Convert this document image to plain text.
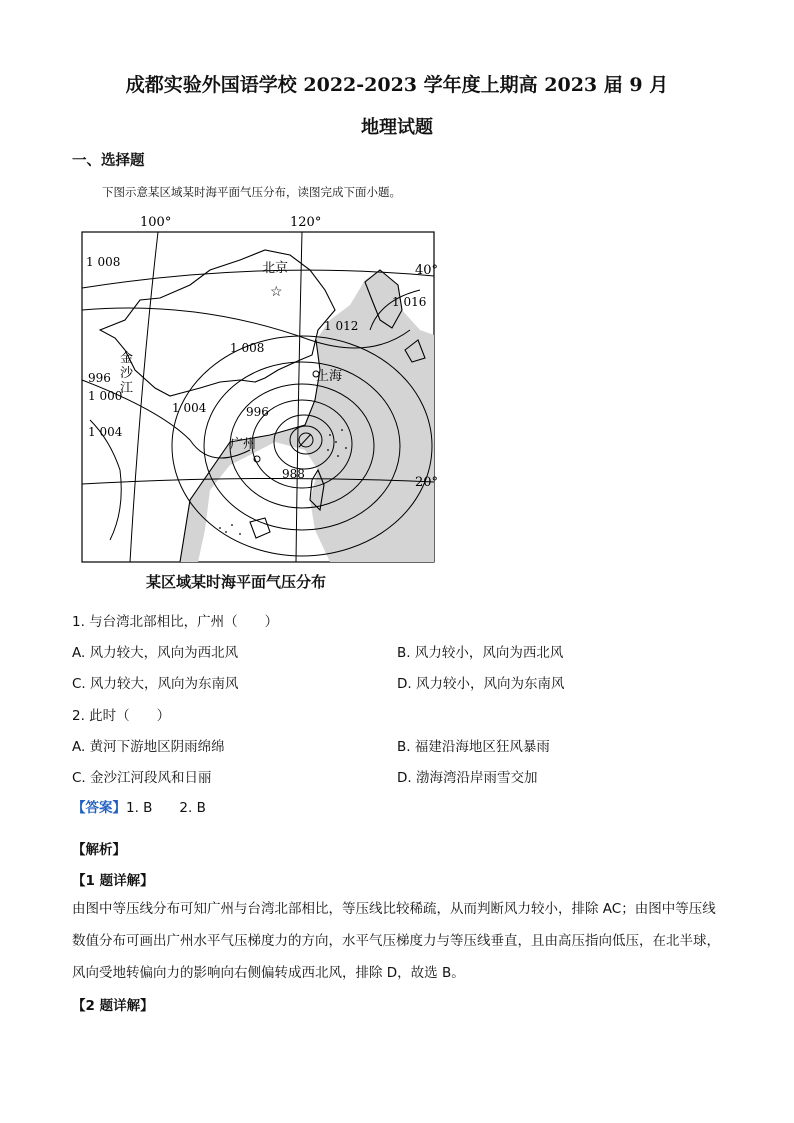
成都实验外国语学校 2022-2023 学年度上期高 2023 届 9 月
地理试题
一、选择题
下图示意某区域某时海平面气压分布，读图完成下面小题。
100°	120°
40°
20°
北京
上海
广州
金
沙
江
1 008
1 008
1 016
1 012
996
1 000
1 004
1 004	996
988
☆
某区域某时海平面气压分布
1. 与台湾北部相比，广州（　　）
A. 风力较大，风向为西北风	B. 风力较小，风向为西北风
C. 风力较大，风向为东南风	D. 风力较小，风向为东南风
2. 此时（　　）
A. 黄河下游地区阴雨绵绵	B. 福建沿海地区狂风暴雨
C. 金沙江河段风和日丽	D. 渤海湾沿岸雨雪交加
【答案】1. B　　2. B
【解析】
【1 题详解】
由图中等压线分布可知广州与台湾北部相比，等压线比较稀疏，从而判断风力较小，排除 AC；由图中等压线数值分布可画出广州水平气压梯度力的方向，水平气压梯度力与等压线垂直，且由高压指向低压，在北半球，风向受地转偏向力的影响向右侧偏转成西北风，排除 D，故选 B。
【2 题详解】
